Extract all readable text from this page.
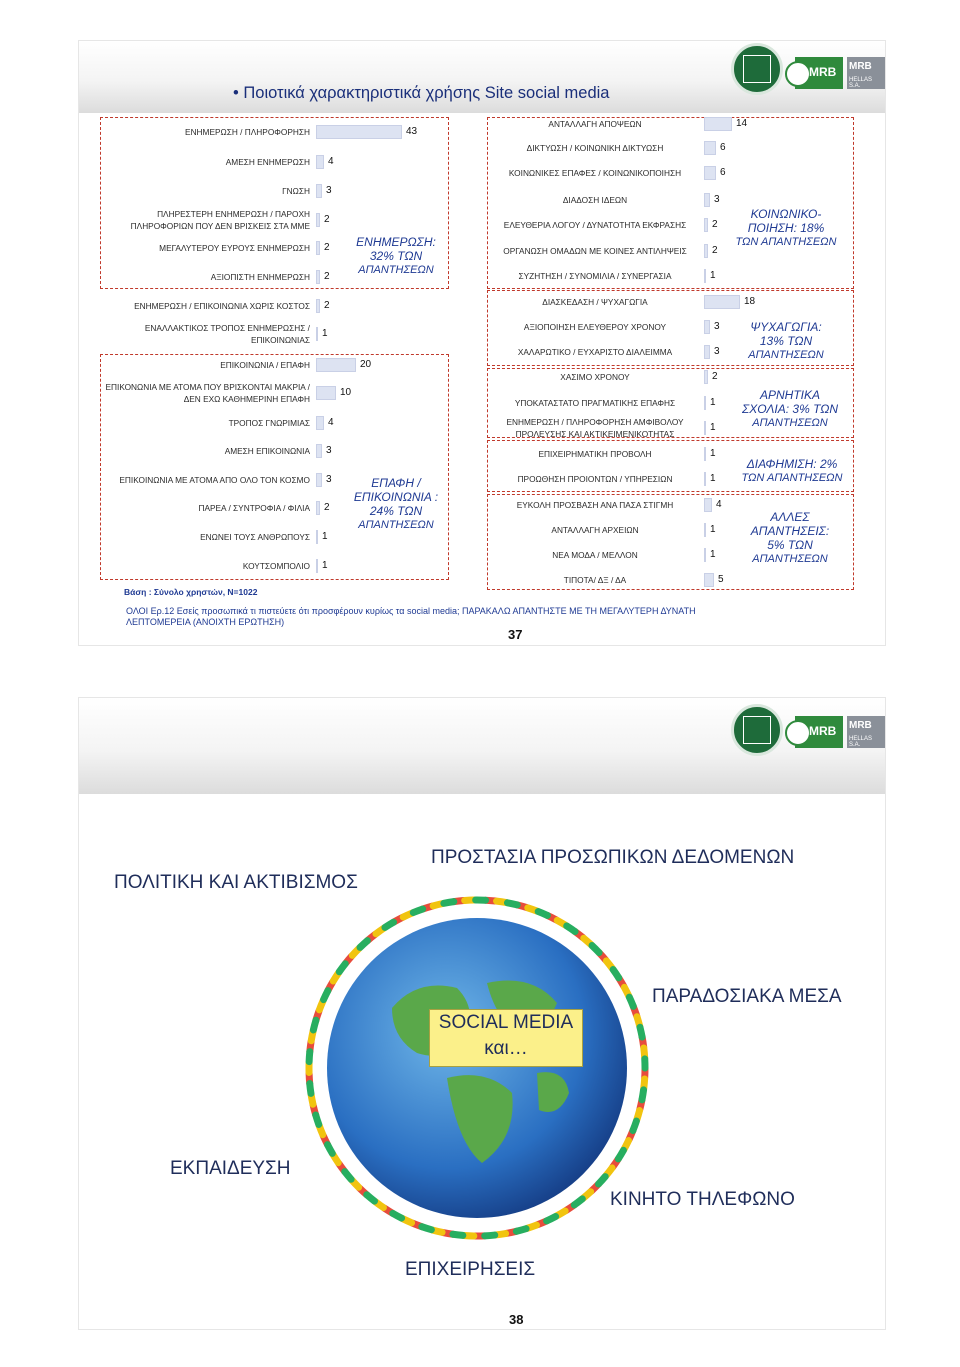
MRB MRB
HELLAS S.A.
• Ποιοτικά χαρακτηριστικά χρήσης Site social media
ΕΝΗΜΕΡΩΣΗ / ΠΛΗΡΟΦΟΡΗΣΗ	43
ΑΜΕΣΗ ΕΝΗΜΕΡΩΣΗ 4
ΓΝΩΣΗ 3
ΠΛΗΡΕΣΤΕΡΗ ΕΝΗΜΕΡΩΣΗ / ΠΑΡΟΧΗ ΠΛΗΡΟΦΟΡΙΩΝ ΠΟΥ ΔΕΝ ΒΡΙΣΚΕΙΣ ΣΤΑ ΜΜΕ
2
ΜΕΓΑΛΥΤΕΡΟΥ ΕΥΡΟΥΣ ΕΝΗΜΕΡΩΣΗ 2
ΑΞΙΟΠΙΣΤΗ ΕΝΗΜΕΡΩΣΗ 2
ΕΝΗΜΕΡΩΣΗ / ΕΠΙΚΟΙΝΩΝΙΑ ΧΩΡΙΣ ΚΟΣΤΟΣ 2
ΕΝΑΛΛΑΚΤΙΚΟΣ ΤΡΟΠΟΣ ΕΝΗΜΕΡΩΣΗΣ / ΕΠΙΚΟΙΝΩΝΙΑΣ
1
ΕΠΙΚΟΙΝΩΝΙΑ / ΕΠΑΦΗ	20
ΕΠΙΚΟΝΩΝΙΑ ΜΕ ΑΤΟΜΑ ΠΟΥ ΒΡΙΣΚΟΝΤΑΙ ΜΑΚΡΙΑ / ΔΕΝ ΕΧΩ ΚΑΘΗΜΕΡΙΝΗ ΕΠΑΦΗ
10
ΤΡΟΠΟΣ ΓΝΩΡΙΜΙΑΣ 4
ΑΜΕΣΗ ΕΠΙΚΟΙΝΩΝΙΑ 3
ΕΠΙΚΟΙΝΩΝΙΑ ΜΕ ΑΤΟΜΑ ΑΠΟ ΟΛΟ ΤΟΝ ΚΟΣΜΟ 3
ΠΑΡΕΑ / ΣΥΝΤΡΟΦΙΑ / ΦΙΛΙΑ 2
ΕΝΩΝΕΙ ΤΟΥΣ ΑΝΘΡΩΠΟΥΣ 1
ΚΟΥΤΣΟΜΠΟΛΙΟ 1
ΑΝΤΑΛΛΑΓΗ ΑΠΟΨΕΩΝ	14
ΔΙΚΤΥΩΣΗ / ΚΟΙΝΩΝΙΚΗ ΔΙΚΤΥΩΣΗ	6
ΚΟΙΝΩΝΙΚΕΣ ΕΠΑΦΕΣ / ΚΟΙΝΩΝΙΚΟΠΟΙΗΣΗ	6
ΔΙΑΔΟΣΗ ΙΔΕΩΝ	3
ΕΛΕΥΘΕΡΙΑ ΛΟΓΟΥ / ΔΥΝΑΤΟΤΗΤΑ ΕΚΦΡΑΣΗΣ	2
ΟΡΓΑΝΩΣΗ ΟΜΑΔΩΝ ΜΕ ΚΟΙΝΕΣ ΑΝΤΙΛΗΨΕΙΣ	2
ΣΥΖΗΤΗΣΗ / ΣΥΝΟΜΙΛΙΑ / ΣΥΝΕΡΓΑΣΙΑ	1
ΔΙΑΣΚΕΔΑΣΗ / ΨΥΧΑΓΩΓΙΑ	18
ΑΞΙΟΠΟΙΗΣΗ ΕΛΕΥΘΕΡΟΥ ΧΡΟΝΟΥ	3
ΧΑΛΑΡΩΤΙΚΟ / ΕΥΧΑΡΙΣΤΟ ΔΙΑΛΕΙΜΜΑ	3
ΧΑΣΙΜΟ ΧΡΟΝΟΥ	2
ΥΠΟΚΑΤΑΣΤΑΤΟ ΠΡΑΓΜΑΤΙΚΗΣ ΕΠΑΦΗΣ	1
ΕΝΗΜΕΡΩΣΗ / ΠΛΗΡΟΦΟΡΗΣΗ ΑΜΦΙΒΟΛΟΥ ΠΡΟΛΕΥΣΗΣ ΚΑΙ ΑΚΤΙΚΕΙΜΕΝΙΚΟΤΗΤΑΣ
1
ΕΠΙΧΕΙΡΗΜΑΤΙΚΗ ΠΡΟΒΟΛΗ	1
ΠΡΟΩΘΗΣΗ ΠΡΟΙΟΝΤΩΝ / ΥΠΗΡΕΣΙΩΝ	1
ΕΥΚΟΛΗ ΠΡΟΣΒΑΣΗ ΑΝΑ ΠΑΣΑ ΣΤΙΓΜΗ	4
ΑΝΤΑΛΛΑΓΗ ΑΡΧΕΙΩΝ	1
ΝΕΑ ΜΟΔΑ / ΜΕΛΛΟΝ	1
ΤΙΠΟΤΑ/ ΔΞ / ΔΑ	5
ΕΝΗΜΕΡΩΣΗ:
32% ΤΩΝ
ΑΠΑΝΤΗΣΕΩΝ
ΕΠΑΦΗ /
ΕΠΙΚΟΙΝΩΝΙΑ :
24% ΤΩΝ
ΑΠΑΝΤΗΣΕΩΝ
ΚΟΙΝΩΝΙΚΟ-
ΠΟΙΗΣΗ: 18%
ΤΩΝ ΑΠΑΝΤΗΣΕΩΝ
ΨΥΧΑΓΩΓΙΑ:
13% ΤΩΝ
ΑΠΑΝΤΗΣΕΩΝ
ΑΡΝΗΤΙΚΑ
ΣΧΟΛΙΑ: 3% ΤΩΝ
ΑΠΑΝΤΗΣΕΩΝ
ΔΙΑΦΗΜΙΣΗ: 2%
ΤΩΝ ΑΠΑΝΤΗΣΕΩΝ
ΑΛΛΕΣ
ΑΠΑΝΤΗΣΕΙΣ:
5% ΤΩΝ
ΑΠΑΝΤΗΣΕΩΝ
Βάση : Σύνολο χρηστών, Ν=1022
ΟΛΟΙ Ερ.12 Εσείς προσωπικά τι πιστεύετε ότι προσφέρουν κυρίως τα social media; ΠΑΡΑΚΑΛΩ ΑΠΑΝΤΗΣΤΕ ΜΕ ΤΗ ΜΕΓΑΛΥΤΕΡΗ ΔΥΝΑΤΗ
ΛΕΠΤΟΜΕΡΕΙΑ (ΑΝΟΙΧΤΗ ΕΡΩΤΗΣΗ)
37
MRB MRB
HELLAS S.A.
SOCIAL MEDIA
και…
38
ΠΟΛΙΤΙΚΗ ΚΑΙ ΑΚΤΙΒΙΣΜΟΣ
ΠΡΟΣΤΑΣΙΑ ΠΡΟΣΩΠΙΚΩΝ ΔΕΔΟΜΕΝΩΝ
ΠΑΡΑΔΟΣΙΑΚΑ ΜΕΣΑ
ΕΚΠΑΙΔΕΥΣΗ
ΚΙΝΗΤΟ ΤΗΛΕΦΩΝΟ
ΕΠΙΧΕΙΡΗΣΕΙΣ
